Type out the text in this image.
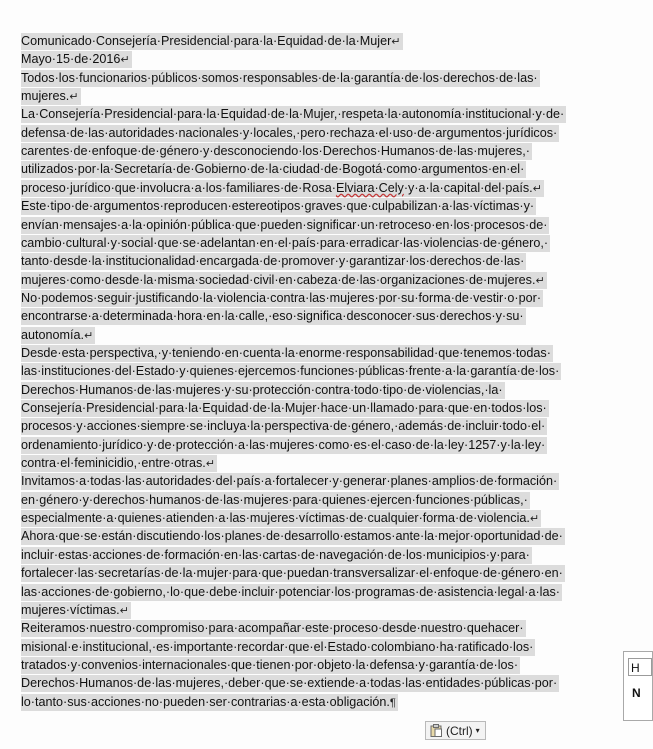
Comunicado·Consejería·Presidencial·para·la·Equidad·de·la·Mujer↵
Mayo·15·de·2016↵
Todos·los·funcionarios·públicos·somos·responsables·de·la·garantía·de·los·derechos·de·las·
mujeres.↵
La·Consejería·Presidencial·para·la·Equidad·de·la·Mujer,·respeta·la·autonomía·institucional·y·de·
defensa·de·las·autoridades·nacionales·y·locales,·pero·rechaza·el·uso·de·argumentos·jurídicos·
carentes·de·enfoque·de·género·y·desconociendo·los·Derechos·Humanos·de·las·mujeres,·
utilizados·por·la·Secretaría·de·Gobierno·de·la·ciudad·de·Bogotá·como·argumentos·en·el·
proceso·jurídico·que·involucra·a·los·familiares·de·Rosa·Elviara·Cely·y·a·la·capital·del·país.↵
Este·tipo·de·argumentos·reproducen·estereotipos·graves·que·culpabilizan·a·las·víctimas·y·
envían·mensajes·a·la·opinión·pública·que·pueden·significar·un·retroceso·en·los·procesos·de·
cambio·cultural·y·social·que·se·adelantan·en·el·país·para·erradicar·las·violencias·de·género,·
tanto·desde·la·institucionalidad·encargada·de·promover·y·garantizar·los·derechos·de·las·
mujeres·como·desde·la·misma·sociedad·civil·en·cabeza·de·las·organizaciones·de·mujeres.↵
No·podemos·seguir·justificando·la·violencia·contra·las·mujeres·por·su·forma·de·vestir·o·por·
encontrarse·a·determinada·hora·en·la·calle,·eso·significa·desconocer·sus·derechos·y·su·
autonomía.↵
Desde·esta·perspectiva,·y·teniendo·en·cuenta·la·enorme·responsabilidad·que·tenemos·todas·
las·instituciones·del·Estado·y·quienes·ejercemos·funciones·públicas·frente·a·la·garantía·de·los·
Derechos·Humanos·de·las·mujeres·y·su·protección·contra·todo·tipo·de·violencias,·la·
Consejería·Presidencial·para·la·Equidad·de·la·Mujer·hace·un·llamado·para·que·en·todos·los·
procesos·y·acciones·siempre·se·incluya·la·perspectiva·de·género,·además·de·incluir·todo·el·
ordenamiento·jurídico·y·de·protección·a·las·mujeres·como·es·el·caso·de·la·ley·1257·y·la·ley·
contra·el·feminicidio,·entre·otras.↵
Invitamos·a·todas·las·autoridades·del·país·a·fortalecer·y·generar·planes·amplios·de·formación·
en·género·y·derechos·humanos·de·las·mujeres·para·quienes·ejercen·funciones·públicas,·
especialmente·a·quienes·atienden·a·las·mujeres·víctimas·de·cualquier·forma·de·violencia.↵
Ahora·que·se·están·discutiendo·los·planes·de·desarrollo·estamos·ante·la·mejor·oportunidad·de·
incluir·estas·acciones·de·formación·en·las·cartas·de·navegación·de·los·municipios·y·para·
fortalecer·las·secretarías·de·la·mujer·para·que·puedan·transversalizar·el·enfoque·de·género·en·
las·acciones·de·gobierno,·lo·que·debe·incluir·potenciar·los·programas·de·asistencia·legal·a·las·
mujeres·víctimas.↵
Reiteramos·nuestro·compromiso·para·acompañar·este·proceso·desde·nuestro·quehacer·
misional·e·institucional,·es·importante·recordar·que·el·Estado·colombiano·ha·ratificado·los·
tratados·y·convenios·internacionales·que·tienen·por·objeto·la·defensa·y·garantía·de·los·
Derechos·Humanos·de·las·mujeres,·deber·que·se·extiende·a·todas·las·entidades·públicas·por·
lo·tanto·sus·acciones·no·pueden·ser·contrarias·a·esta·obligación.¶
(Ctrl) ▾
H
N
